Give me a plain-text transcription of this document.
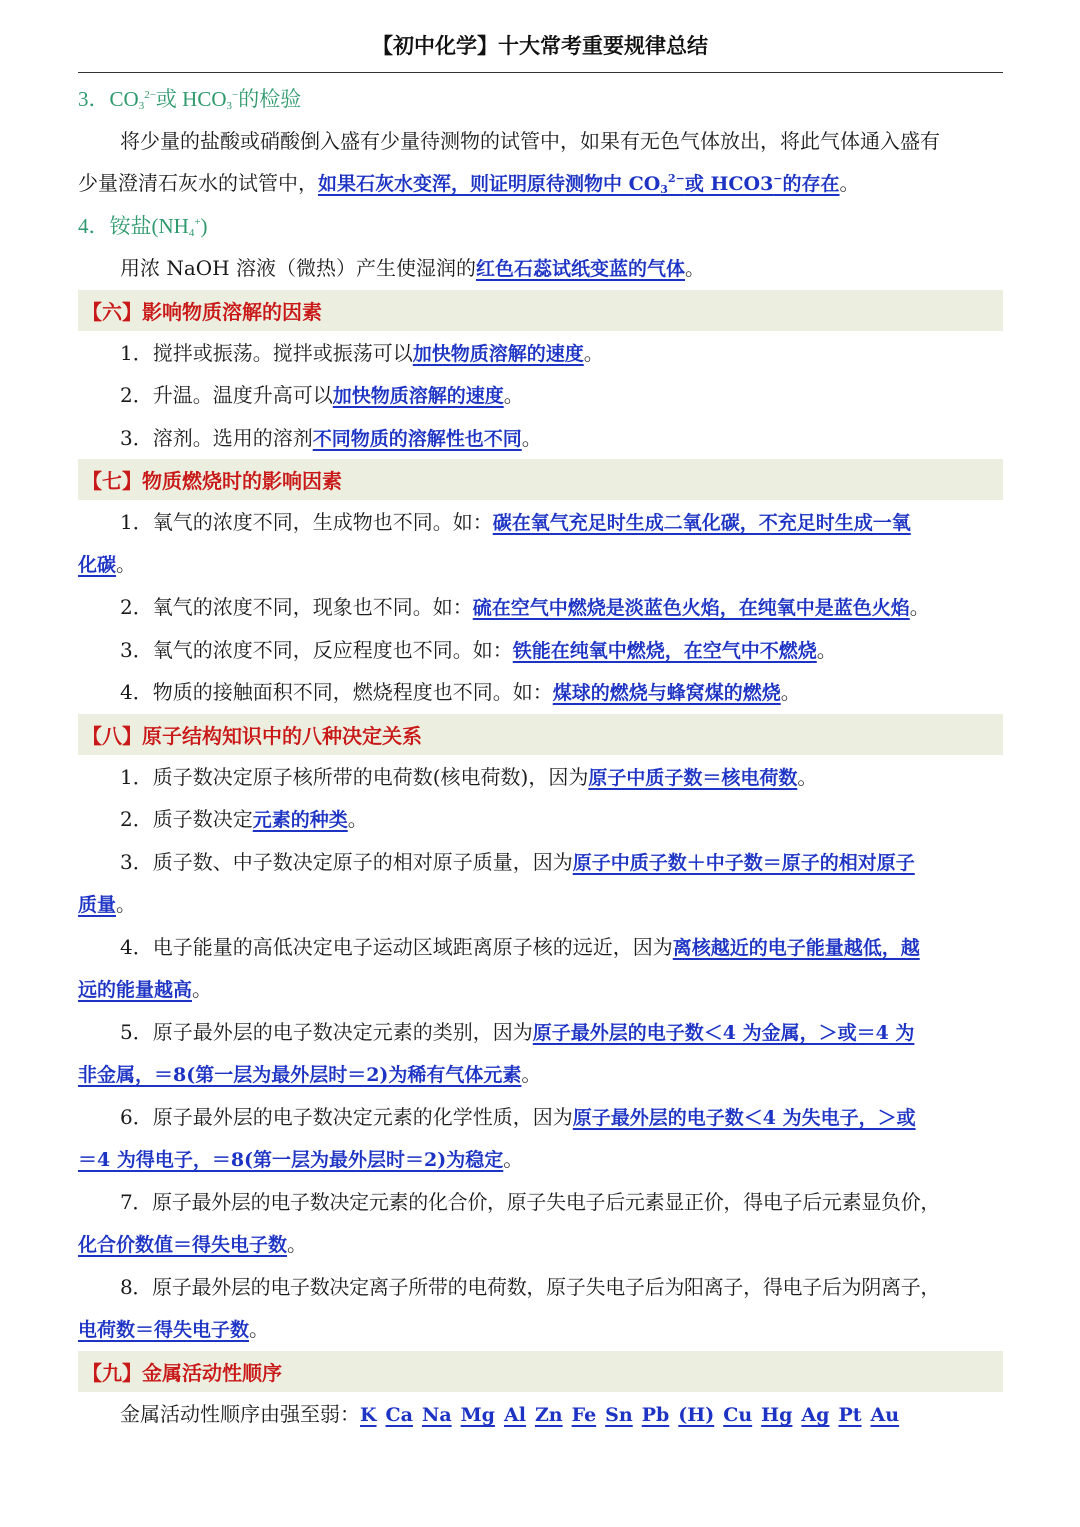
【初中化学】十大常考重要规律总结
3．$CO_3^{2-}$或 $HCO_3^-$的检验
将少量的盐酸或硝酸倒入盛有少量待测物的试管中，如果有无色气体放出，将此气体通入盛有
少量澄清石灰水的试管中，如果石灰水变浑，则证明原待测物中 $CO_3^{2-}$或 HCO3−的存在。
4．铵盐$(NH_4^+)$
用浓 NaOH 溶液（微热）产生使湿润的红色石蕊试纸变蓝的气体。
【六】影响物质溶解的因素
1．搅拌或振荡。搅拌或振荡可以加快物质溶解的速度。
2．升温。温度升高可以加快物质溶解的速度。
3．溶剂。选用的溶剂不同物质的溶解性也不同。
【七】物质燃烧时的影响因素
1．氧气的浓度不同，生成物也不同。如：碳在氧气充足时生成二氧化碳，不充足时生成一氧
化碳。
2．氧气的浓度不同，现象也不同。如：硫在空气中燃烧是淡蓝色火焰，在纯氧中是蓝色火焰。
3．氧气的浓度不同，反应程度也不同。如：铁能在纯氧中燃烧，在空气中不燃烧。
4．物质的接触面积不同，燃烧程度也不同。如：煤球的燃烧与蜂窝煤的燃烧。
【八】原子结构知识中的八种决定关系
1．质子数决定原子核所带的电荷数(核电荷数)，因为原子中质子数＝核电荷数。
2．质子数决定元素的种类。
3．质子数、中子数决定原子的相对原子质量，因为原子中质子数＋中子数＝原子的相对原子
质量。
4．电子能量的高低决定电子运动区域距离原子核的远近，因为离核越近的电子能量越低，越
远的能量越高。
5．原子最外层的电子数决定元素的类别，因为原子最外层的电子数＜4 为金属，＞或＝4 为
非金属，＝8(第一层为最外层时＝2)为稀有气体元素。
6．原子最外层的电子数决定元素的化学性质，因为原子最外层的电子数＜4 为失电子，＞或
＝4 为得电子，＝8(第一层为最外层时＝2)为稳定。
7．原子最外层的电子数决定元素的化合价，原子失电子后元素显正价，得电子后元素显负价，
化合价数值＝得失电子数。
8．原子最外层的电子数决定离子所带的电荷数，原子失电子后为阳离子，得电子后为阴离子，
电荷数＝得失电子数。
【九】金属活动性顺序
金属活动性顺序由强至弱：K Ca Na Mg Al Zn Fe Sn Pb (H) Cu Hg Ag Pt Au
